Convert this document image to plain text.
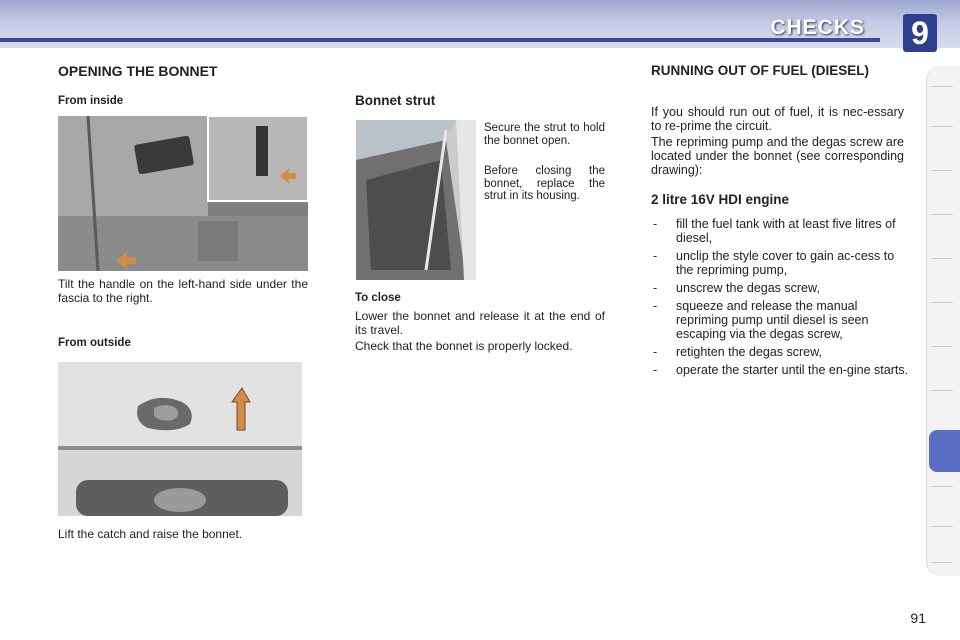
CHECKS 9
OPENING THE BONNET
From inside

Tilt the handle on the left-hand side under the fascia to the right.

From outside

Lift the catch and raise the bonnet.

Bonnet strut

Secure the strut to hold the bonnet open.

Before closing the bonnet, replace the strut in its housing.

To close

Lower the bonnet and release it at the end of its travel.

Check that the bonnet is properly locked.

RUNNING OUT OF FUEL (DIESEL)

If you should run out of fuel, it is nec-essary to re-prime the circuit.

The repriming pump and the degas screw are located under the bonnet (see corresponding drawing):

2 litre 16V HDI engine
- fill the fuel tank with at least five litres of diesel,
- unclip the style cover to gain ac-cess to the repriming pump,
- unscrew the degas screw,
- squeeze and release the manual repriming pump until diesel is seen escaping via the degas screw,
- retighten the degas screw,
- operate the starter until the en-gine starts.
91
